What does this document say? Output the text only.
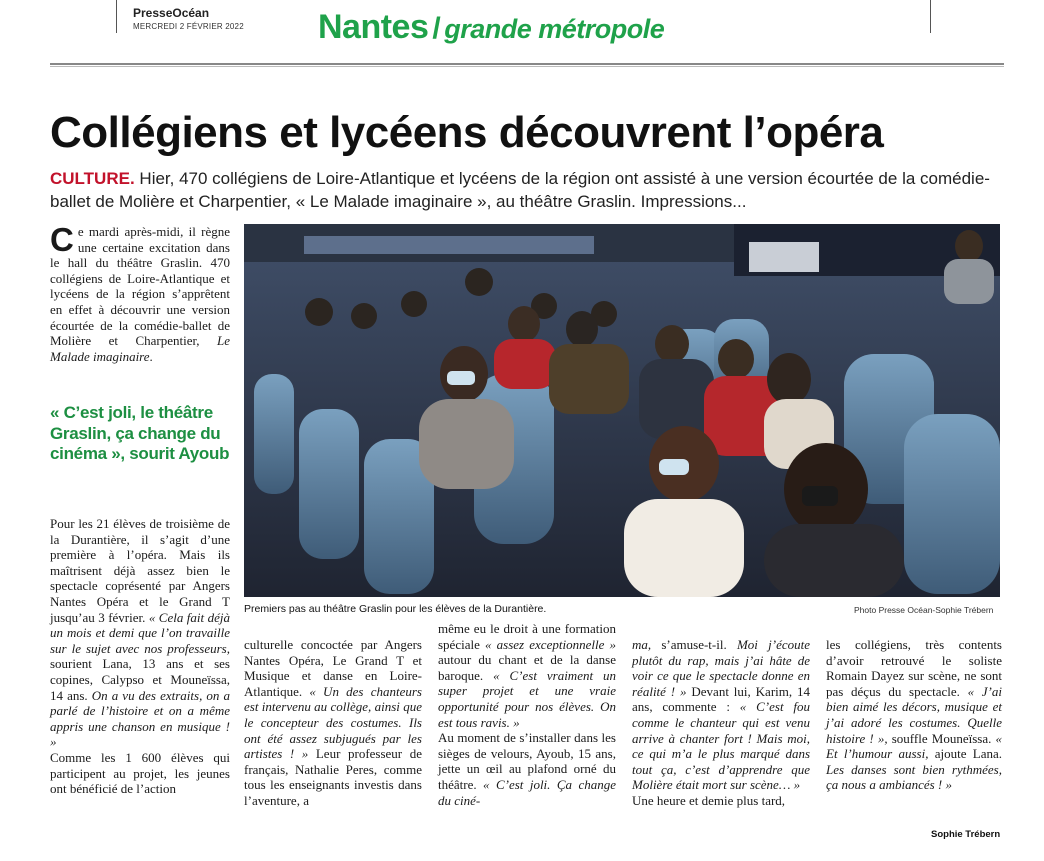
PresseOcéan
MERCREDI 2 FÉVRIER 2022 Nantes / grande métropole
Collégiens et lycéens découvrent l’opéra
CULTURE. Hier, 470 collégiens de Loire-Atlantique et lycéens de la région ont assisté à une version écourtée de la comédie-ballet de Molière et Charpentier, « Le Malade imaginaire », au théâtre Graslin. Impressions...

Ce mardi après-midi, il règne une certaine excitation dans le hall du théâtre Graslin. 470 collégiens de Loire-Atlantique et lycéens de la région s’apprêtent en effet à découvrir une version écourtée de la comédie-ballet de Molière et Charpentier, Le Malade imaginaire.

« C’est joli, le théâtre Graslin, ça change du cinéma », sourit Ayoub

Pour les 21 élèves de troisième de la Durantière, il s’agit d’une première à l’opéra. Mais ils maîtrisent déjà assez bien le spectacle coprésenté par Angers Nantes Opéra et le Grand T jusqu’au 3 février. « Cela fait déjà un mois et demi que l’on travaille sur le sujet avec nos professeurs, sourient Lana, 13 ans et ses copines, Calypso et Mouneïssa, 14 ans. On a vu des extraits, on a parlé de l’histoire et on a même appris une chanson en musique ! »

Comme les 1 600 élèves qui participent au projet, les jeunes ont bénéficié de l’action

Premiers pas au théâtre Graslin pour les élèves de la Durantière.	Photo Presse Océan-Sophie Trébern

culturelle concoctée par Angers Nantes Opéra, Le Grand T et Musique et danse en Loire-Atlantique. « Un des chanteurs est intervenu au collège, ainsi que le concepteur des costumes. Ils ont été assez subjugués par les artistes ! » Leur professeur de français, Nathalie Peres, comme tous les enseignants investis dans l’aventure, a

même eu le droit à une formation spéciale « assez exceptionnelle » autour du chant et de la danse baroque. « C’est vraiment un super projet et une vraie opportunité pour nos élèves. On est tous ravis. »

Au moment de s’installer dans les sièges de velours, Ayoub, 15 ans, jette un œil au plafond orné du théâtre. « C’est joli. Ça change du ciné-

ma, s’amuse-t-il. Moi j’écoute plutôt du rap, mais j’ai hâte de voir ce que le spectacle donne en réalité ! » Devant lui, Karim, 14 ans, commente : « C’est fou comme le chanteur qui est venu arrive à chanter fort ! Mais moi, ce qui m’a le plus marqué dans tout ça, c’est d’apprendre que Molière était mort sur scène… »

Une heure et demie plus tard,

les collégiens, très contents d’avoir retrouvé le soliste Romain Dayez sur scène, ne sont pas déçus du spectacle. « J’ai bien aimé les décors, musique et j’ai adoré les costumes. Quelle histoire ! », souffle Mouneïssa. « Et l’humour aussi, ajoute Lana. Les danses sont bien rythmées, ça nous a ambiancés ! »

Sophie Trébern
